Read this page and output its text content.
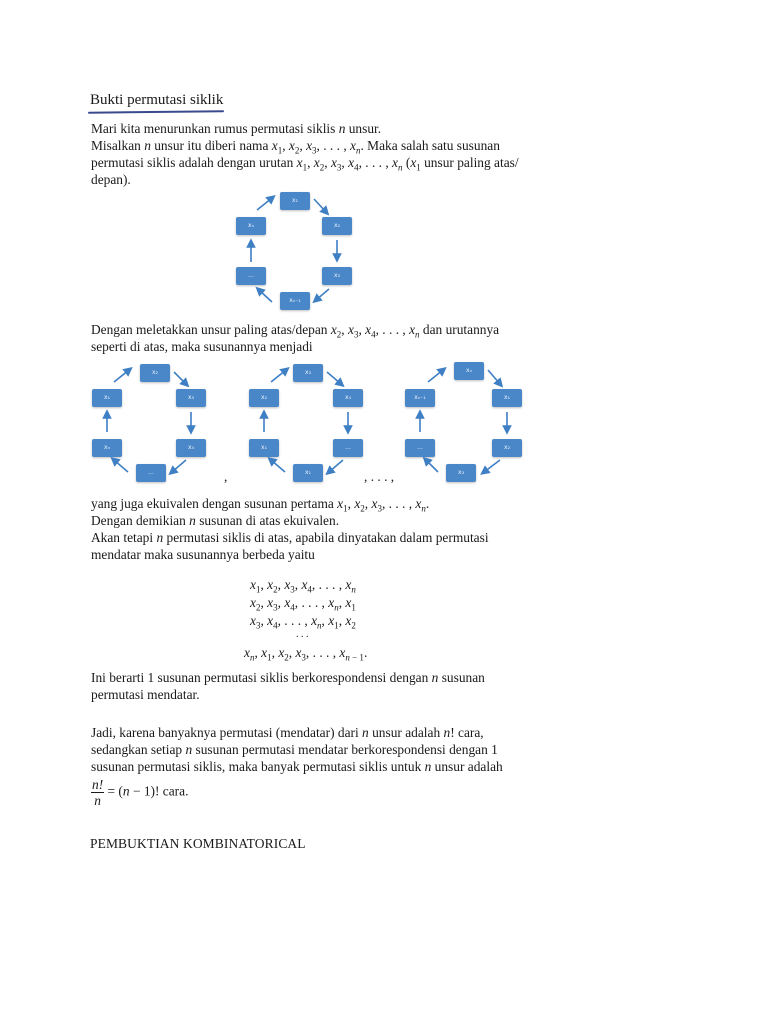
Bukti permutasi siklik
Mari kita menurunkan rumus permutasi siklis n unsur.
Misalkan n unsur itu diberi nama $x_1$, $x_2$, $x_3$, . . . , $x_n$. Maka salah satu susunan
permutasi siklis adalah dengan urutan $x_1$, $x_2$, $x_3$, $x_4$, . . . , $x_n$ ($x_1$ unsur paling atas/
depan).
x₁
x₂
x₃
xₙ₋₁
...
xₙ
Dengan meletakkan unsur paling atas/depan $x_2$, $x_3$, $x_4$, . . . , $x_n$ dan urutannya
seperti di atas, maka susunannya menjadi
x₂
x₃
x₄
...
xₙ
x₁
x₃
x₄
...
x₁
x₁
x₂
,	, . . . ,
xₙ
x₁
x₂
x₃
...
xₙ₋₁
yang juga ekuivalen dengan susunan pertama $x_1$, $x_2$, $x_3$, . . . , $x_n$.
Dengan demikian n susunan di atas ekuivalen.
Akan tetapi n permutasi siklis di atas, apabila dinyatakan dalam permutasi
mendatar maka susunannya berbeda yaitu
$x_1$, $x_2$, $x_3$, $x_4$, . . . , $x_n$
$x_2$, $x_3$, $x_4$, . . . , $x_n$, $x_1$
$x_3$, $x_4$, . . . , $x_n$, $x_1$, $x_2$
. . .
$x_n$, $x_1$, $x_2$, $x_3$, . . . , $x_{n - 1}$.
Ini berarti 1 susunan permutasi siklis berkorespondensi dengan n susunan
permutasi mendatar.
Jadi, karena banyaknya permutasi (mendatar) dari n unsur adalah n! cara,
sedangkan setiap n susunan permutasi mendatar berkorespondensi dengan 1
susunan permutasi siklis, maka banyak permutasi siklis untuk n unsur adalah
$\frac{n!}{n} = (n - 1)$! cara.
PEMBUKTIAN KOMBINATORICAL
